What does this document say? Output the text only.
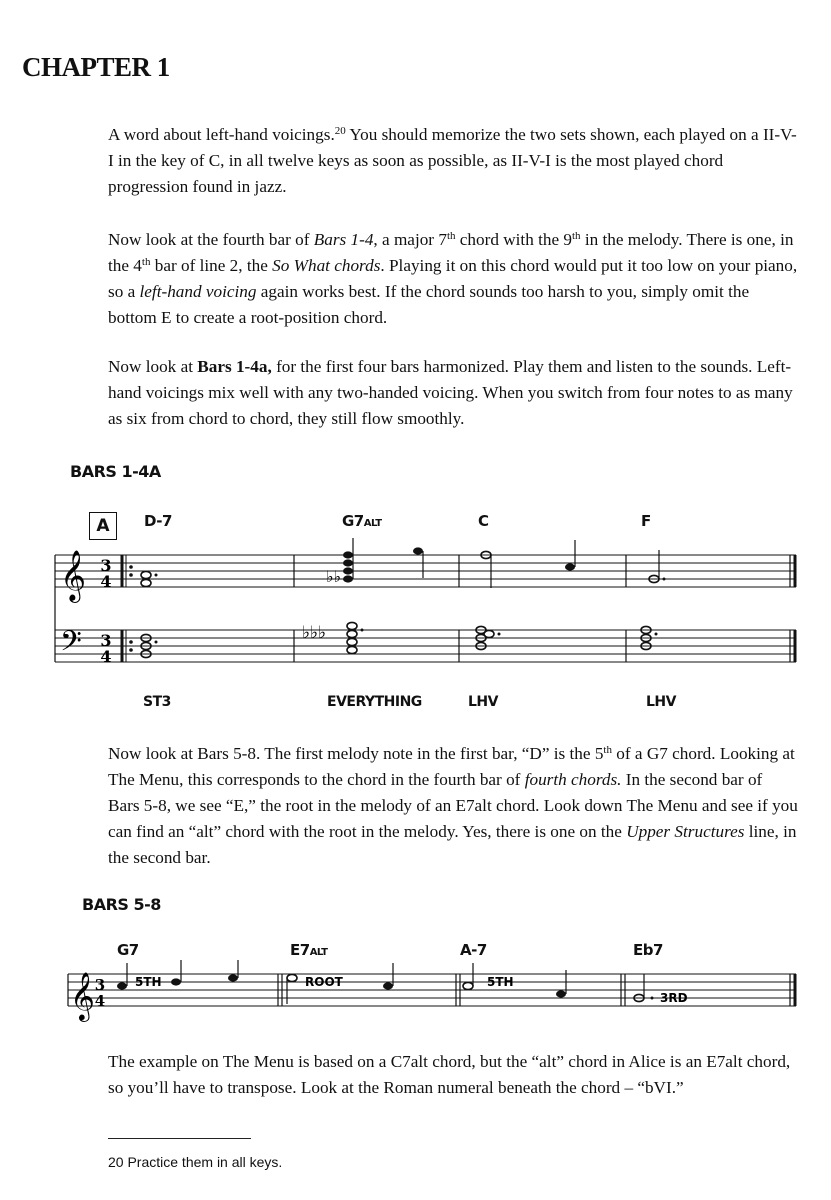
CHAPTER 1

A word about left-hand voicings.$^{20}$ You should memorize the two sets shown, each played on a II-V-I in the key of C, in all twelve keys as soon as possible, as II-V-I is the most played chord progression found in jazz.

Now look at the fourth bar of Bars 1-4, a major 7th chord with the 9th in the melody. There is one, in the 4th bar of line 2, the So What chords. Playing it on this chord would put it too low on your piano, so a left-hand voicing again works best. If the chord sounds too harsh to you, simply omit the bottom E to create a root-position chord.

Now look at Bars 1-4a, for the first four bars harmonized. Play them and listen to the sounds. Left-hand voicings mix well with any two-handed voicing. When you switch from four notes to as many as six from chord to chord, they still flow smoothly.

BARS 1-4A
A	D-7	G7ALT	C	F
𝄞
𝄢
3
4
3
4
♭♭
♭♭♭
ST3	EVERYTHING	LHV	LHV

Now look at Bars 5-8. The first melody note in the first bar, “D” is the 5th of a G7 chord. Looking at The Menu, this corresponds to the chord in the fourth bar of fourth chords. In the second bar of Bars 5-8, we see “E,” the root in the melody of an E7alt chord. Look down The Menu and see if you can find an “alt” chord with the root in the melody. Yes, there is one on the Upper Structures line, in the second bar.

BARS 5-8
G7	E7ALT	A-7	Eb7
𝄞 3
4
5TH	ROOT	5TH
3RD

The example on The Menu is based on a C7alt chord, but the “alt” chord in Alice is an E7alt chord, so you’ll have to transpose. Look at the Roman numeral beneath the chord – “bVI.”

20 Practice them in all keys.
